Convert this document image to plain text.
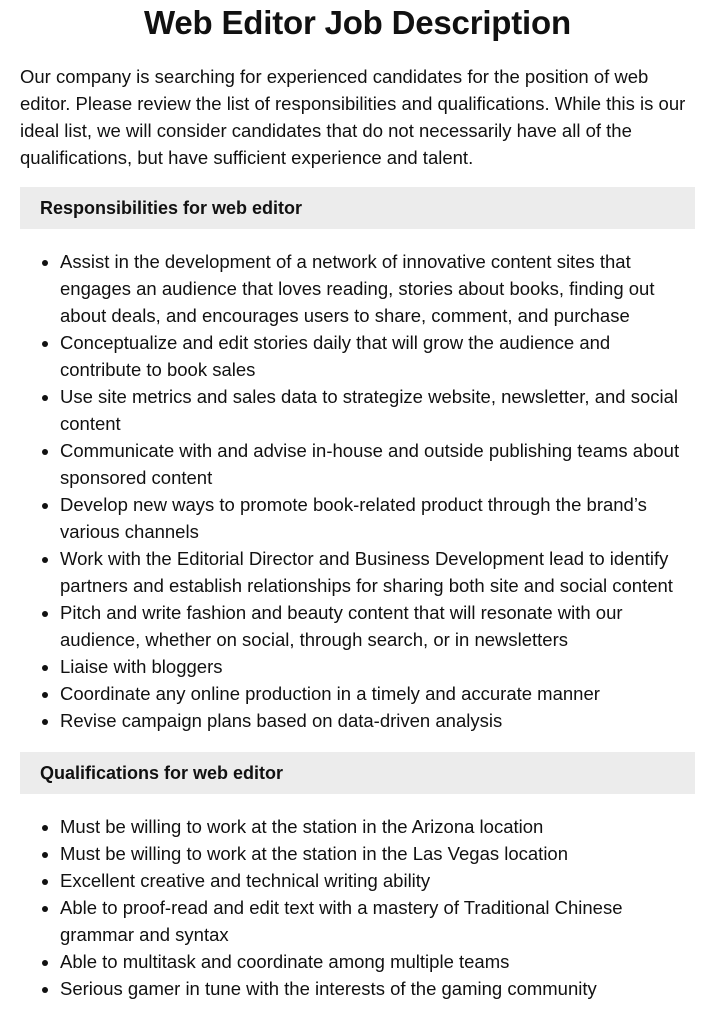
Web Editor Job Description

Our company is searching for experienced candidates for the position of web editor. Please review the list of responsibilities and qualifications. While this is our ideal list, we will consider candidates that do not necessarily have all of the qualifications, but have sufficient experience and talent.

Responsibilities for web editor
• Assist in the development of a network of innovative content sites that engages an audience that loves reading, stories about books, finding out about deals, and encourages users to share, comment, and purchase
• Conceptualize and edit stories daily that will grow the audience and contribute to book sales
• Use site metrics and sales data to strategize website, newsletter, and social content
• Communicate with and advise in-house and outside publishing teams about sponsored content
• Develop new ways to promote book-related product through the brand’s various channels
• Work with the Editorial Director and Business Development lead to identify partners and establish relationships for sharing both site and social content
• Pitch and write fashion and beauty content that will resonate with our audience, whether on social, through search, or in newsletters
• Liaise with bloggers
• Coordinate any online production in a timely and accurate manner
• Revise campaign plans based on data-driven analysis
Qualifications for web editor
• Must be willing to work at the station in the Arizona location
• Must be willing to work at the station in the Las Vegas location
• Excellent creative and technical writing ability
• Able to proof-read and edit text with a mastery of Traditional Chinese grammar and syntax
• Able to multitask and coordinate among multiple teams
• Serious gamer in tune with the interests of the gaming community
